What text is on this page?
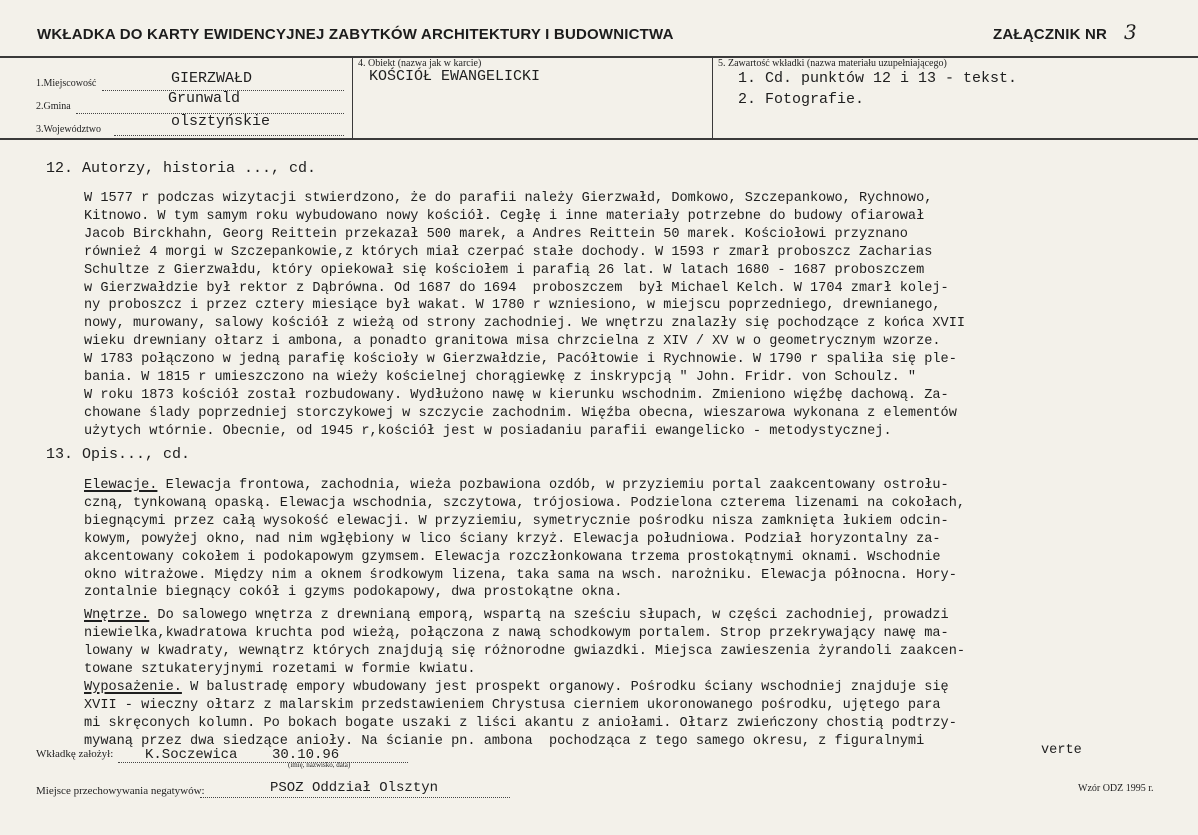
WKŁADKA DO KARTY EWIDENCYJNEJ ZABYTKÓW ARCHITEKTURY I BUDOWNICTWA	ZAŁĄCZNIK NR 3
1.Miejscowość	GIERZWAŁD
2.Gmina	Grunwald
3.Województwo	olsztyńskie
4. Obiekt (nazwa jak w karcie)
KOŚCIÓŁ EWANGELICKI
5. Zawartość wkładki (nazwa materiału uzupełniającego)
1. Cd. punktów 12 i 13 - tekst.
2. Fotografie.
12. Autorzy, historia ..., cd.
W 1577 r podczas wizytacji stwierdzono, że do parafii należy Gierzwałd, Domkowo, Szczepankowo, Rychnowo,
Kitnowo. W tym samym roku wybudowano nowy kościół. Cegłę i inne materiały potrzebne do budowy ofiarował
Jacob Birckhahn, Georg Reittein przekazał 500 marek, a Andres Reittein 50 marek. Kościołowi przyznano
również 4 morgi w Szczepankowie,z których miał czerpać stałe dochody. W 1593 r zmarł proboszcz Zacharias
Schultze z Gierzwałdu, który opiekował się kościołem i parafią 26 lat. W latach 1680 - 1687 proboszczem
w Gierzwałdzie był rektor z Dąbrówna. Od 1687 do 1694  proboszczem  był Michael Kelch. W 1704 zmarł kolej-
ny proboszcz i przez cztery miesiące był wakat. W 1780 r wzniesiono, w miejscu poprzedniego, drewnianego,
nowy, murowany, salowy kościół z wieżą od strony zachodniej. We wnętrzu znalazły się pochodzące z końca XVII
wieku drewniany ołtarz i ambona, a ponadto granitowa misa chrzcielna z XIV / XV w o geometrycznym wzorze.
W 1783 połączono w jedną parafię kościoły w Gierzwałdzie, Pacółtowie i Rychnowie. W 1790 r spaliła się ple-
bania. W 1815 r umieszczono na wieży kościelnej chorągiewkę z inskrypcją " John. Fridr. von Schoulz. "
W roku 1873 kościół został rozbudowany. Wydłużono nawę w kierunku wschodnim. Zmieniono więźbę dachową. Za-
chowane ślady poprzedniej storczykowej w szczycie zachodnim. Więźba obecna, wieszarowa wykonana z elementów
użytych wtórnie. Obecnie, od 1945 r,kościół jest w posiadaniu parafii ewangelicko - metodystycznej.
13. Opis..., cd.
Elewacje. Elewacja frontowa, zachodnia, wieża pozbawiona ozdób, w przyziemiu portal zaakcentowany ostrołu-
czną, tynkowaną opaską. Elewacja wschodnia, szczytowa, trójosiowa. Podzielona czterema lizenami na cokołach,
biegnącymi przez całą wysokość elewacji. W przyziemiu, symetrycznie pośrodku nisza zamknięta łukiem odcin-
kowym, powyżej okno, nad nim wgłębiony w lico ściany krzyż. Elewacja południowa. Podział horyzontalny za-
akcentowany cokołem i podokapowym gzymsem. Elewacja rozczłonkowana trzema prostokątnymi oknami. Wschodnie
okno witrażowe. Między nim a oknem środkowym lizena, taka sama na wsch. narożniku. Elewacja północna. Hory-
zontalnie biegnący cokół i gzyms podokapowy, dwa prostokątne okna.
Wnętrze. Do salowego wnętrza z drewnianą emporą, wspartą na sześciu słupach, w części zachodniej, prowadzi
niewielka,kwadratowa kruchta pod wieżą, połączona z nawą schodkowym portalem. Strop przekrywający nawę ma-
lowany w kwadraty, wewnątrz których znajdują się różnorodne gwiazdki. Miejsca zawieszenia żyrandoli zaakcen-
towane sztukateryjnymi rozetami w formie kwiatu.
Wyposażenie. W balustradę empory wbudowany jest prospekt organowy. Pośrodku ściany wschodniej znajduje się
XVII - wieczny ołtarz z malarskim przedstawieniem Chrystusa cierniem ukoronowanego pośrodku, ujętego para
mi skręconych kolumn. Po bokach bogate uszaki z liści akantu z aniołami. Ołtarz zwieńczony chostią podtrzy-
mywaną przez dwa siedzące anioły. Na ścianie pn. ambona  pochodząca z tego samego okresu, z figuralnymi
verte
Wkładkę założył: K.Soczewica 30.10.96
(imię, nazwisko, data)
Miejsce przechowywania negatywów:	PSOZ Oddział Olsztyn	Wzór ODZ 1995 r.
